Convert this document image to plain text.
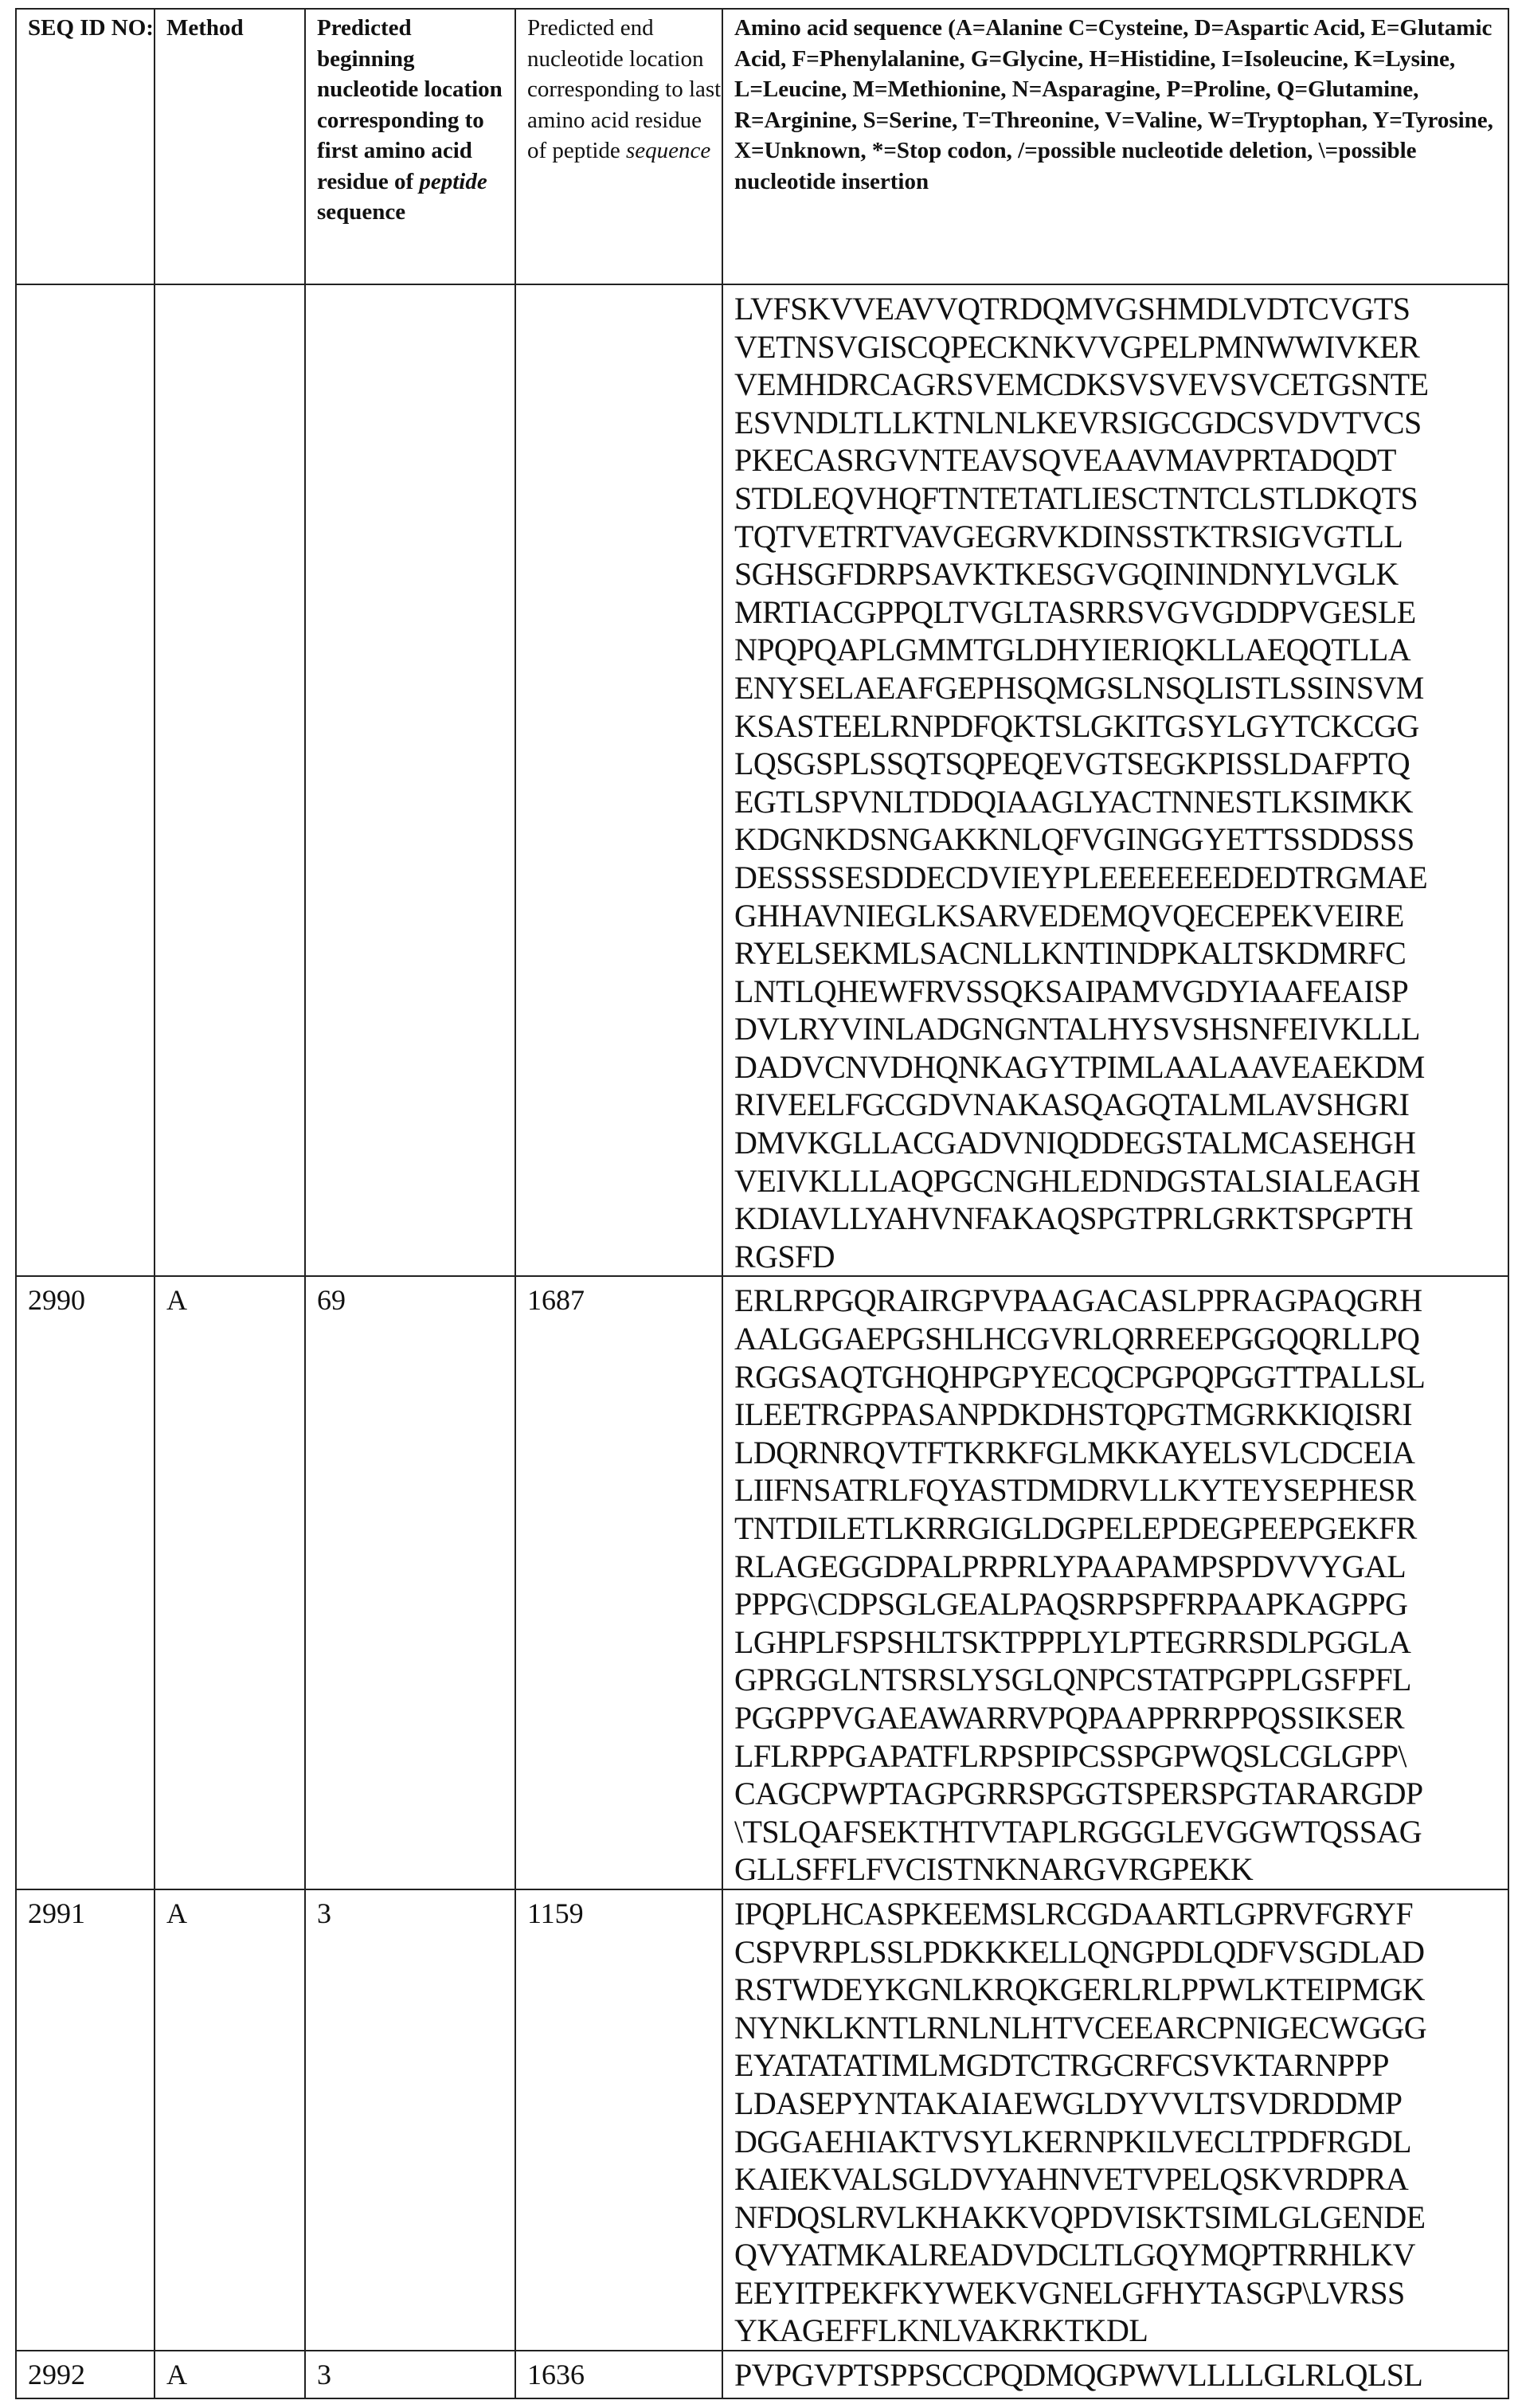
SEQ ID NO:	Method	Predicted beginning nucleotide location corresponding to first amino acid residue of peptide sequence	Predicted end nucleotide location corresponding to last amino acid residue of peptide sequence	Amino acid sequence (A=Alanine C=Cysteine, D=Aspartic Acid, E=Glutamic Acid, F=Phenylalanine, G=Glycine, H=Histidine, I=Isoleucine, K=Lysine, L=Leucine, M=Methionine, N=Asparagine, P=Proline, Q=Glutamine, R=Arginine, S=Serine, T=Threonine, V=Valine, W=Tryptophan, Y=Tyrosine, X=Unknown, *=Stop codon, /=possible nucleotide deletion, \=possible nucleotide insertion

LVFSKVVEAVVQTRDQMVGSHMDLVDTCVGTS
VETNSVGISCQPECKNKVVGPELPMNWWIVKER
VEMHDRCAGRSVEMCDKSVSVEVSVCETGSNTE
ESVNDLTLLKTNLNLKEVRSIGCGDCSVDVTVCS
PKECASRGVNTEAVSQVEAAVMAVPRTADQDT
STDLEQVHQFTNTETATLIESCTNTCLSTLDKQTS
TQTVETRTVAVGEGRVKDINSSTKTRSIGVGTLL
SGHSGFDRPSAVKTKESGVGQININDNYLVGLK
MRTIACGPPQLTVGLTASRRSVGVGDDPVGESLE
NPQPQAPLGMMTGLDHYIERIQKLLAEQQTLLA
ENYSELAEAFGEPHSQMGSLNSQLISTLSSINSVM
KSASTEELRNPDFQKTSLGKITGSYLGYTCKCGG
LQSGSPLSSQTSQPEQEVGTSEGKPISSLDAFPTQ
EGTLSPVNLTDDQIAAGLYACTNNESTLKSIMKK
KDGNKDSNGAKKNLQFVGINGGYETTSSDDSSS
DESSSSESDDECDVIEYPLEEEEEEEDEDTRGMAE
GHHAVNIEGLKSARVEDEMQVQECEPEKVEIRE
RYELSEKMLSACNLLKNTINDPKALTSKDMRFC
LNTLQHEWFRVSSQKSAIPAMVGDYIAAFEAISP
DVLRYVINLADGNGNTALHYSVSHSNFEIVKLLL
DADVCNVDHQNKAGYTPIMLAALAAVEAEKDM
RIVEELFGCGDVNAKASQAGQTALMLAVSHGRI
DMVKGLLACGADVNIQDDEGSTALMCASEHGH
VEIVKLLLAQPGCNGHLEDNDGSTALSIALEAGH
KDIAVLLYAHVNFAKAQSPGTPRLGRKTSPGPTH
RGSFD

2990	A	69	1687	ERLRPGQRAIRGPVPAAGACASLPPRAGPAQGRH
AALGGAEPGSHLHCGVRLQRREEPGGQQRLLPQ
RGGSAQTGHQHPGPYECQCPGPQPGGTTPALLSL
ILEETRGPPASANPDKDHSTQPGTMGRKKIQISRI
LDQRNRQVTFTKRKFGLMKKAYELSVLCDCEIA
LIIFNSATRLFQYASTDMDRVLLKYTEYSEPHESR
TNTDILETLKRRGIGLDGPELEPDEGPEEPGEKFR
RLAGEGGDPALPRPRLYPAAPAMPSPDVVYGAL
PPPG\CDPSGLGEALPAQSRPSPFRPAAPKAGPPG
LGHPLFSPSHLTSKTPPPLYLPTEGRRSDLPGGLA
GPRGGLNTSRSLYSGLQNPCSTATPGPPLGSFPFL
PGGPPVGAEAWARRVPQPAAPPRRPPQSSIKSER
LFLRPPGAPATFLRPSPIPCSSPGPWQSLCGLGPP\
CAGCPWPTAGPGRRSPGGTSPERSPGTARARGDP
\TSLQAFSEKTHTVTAPLRGGGLEVGGWTQSSAG
GLLSFFLFVCISTNKNARGVRGPEKK

2991	A	3	1159	IPQPLHCASPKEEMSLRCGDAARTLGPRVFGRYF
CSPVRPLSSLPDKKKELLQNGPDLQDFVSGDLAD
RSTWDEYKGNLKRQKGERLRLPPWLKTEIPMGK
NYNKLKNTLRNLNLHTVCEEARCPNIGECWGGG
EYATATATIMLMGDTCTRGCRFCSVKTARNPPP
LDASEPYNTAKAIAEWGLDYVVLTSVDRDDMP
DGGAEHIAKTVSYLKERNPKILVECLTPDFRGDL
KAIEKVALSGLDVYAHNVETVPELQSKVRDPRA
NFDQSLRVLKHAKKVQPDVISKTSIMLGLGENDE
QVYATMKALREADVDCLTLGQYMQPTRRHLKV
EEYITPEKFKYWEKVGNELGFHYTASGP\LVRSS
YKAGEFFLKNLVAKRKTKDL

2992	A	3	1636	PVPGVPTSPPSCCPQDMQGPWVLLLLGLRLQLSL
